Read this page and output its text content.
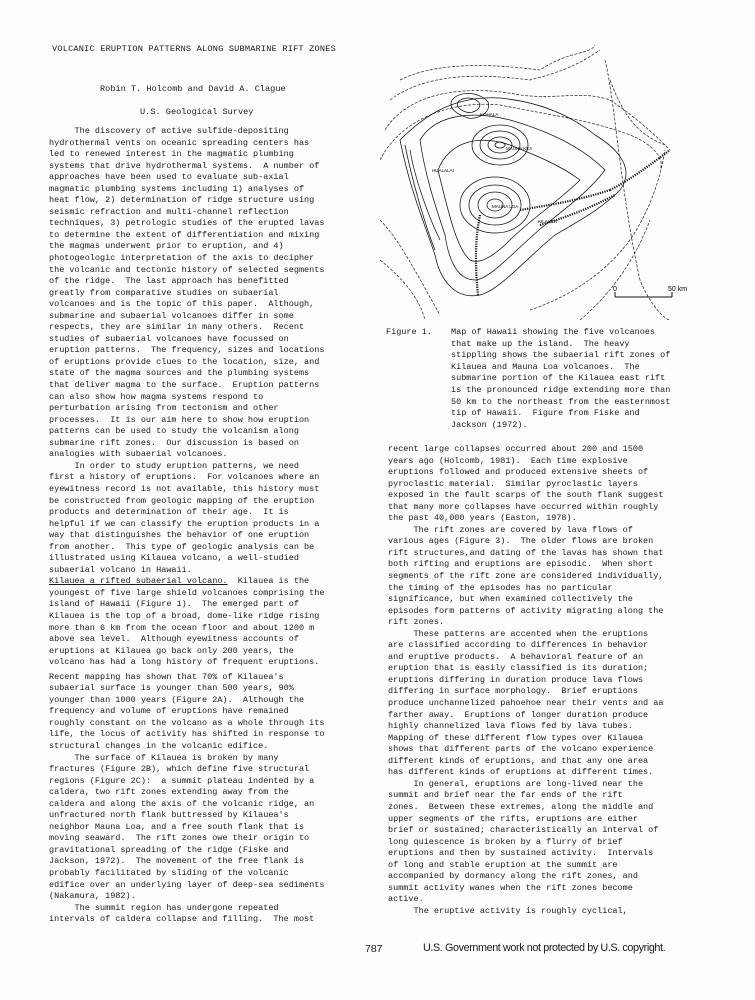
VOLCANIC ERUPTION PATTERNS ALONG SUBMARINE RIFT ZONES
Robin T. Holcomb and David A. Clague
U.S. Geological Survey
The discovery of active sulfide-depositing
hydrothermal vents on oceanic spreading centers has
led to renewed interest in the magmatic plumbing
systems that drive hydrothermal systems.  A number of
approaches have been used to evaluate sub-axial
magmatic plumbing systems including 1) analyses of
heat flow, 2) determination of ridge structure using
seismic refraction and multi-channel reflection
techniques, 3) petrologic studies of the erupted lavas
to determine the extent of differentiation and mixing
the magmas underwent prior to eruption, and 4)
photogeologic interpretation of the axis to decipher
the volcanic and tectonic history of selected segments
of the ridge.  The last approach has benefitted
greatly from comparative studies on subaerial
volcanoes and is the topic of this paper.  Although,
submarine and subaerial volcanoes differ in some
respects, they are similar in many others.  Recent
studies of subaerial volcanoes have focussed on
eruption patterns.  The frequency, sizes and locations
of eruptions provide clues to the location, size, and
state of the magma sources and the plumbing systems
that deliver magma to the surface.  Eruption patterns
can also show how magma systems respond to
perturbation arising from tectonism and other
processes.  It is our aim here to show how eruption
patterns can be used to study the volcanism along
submarine rift zones.  Our discussion is based on
analogies with subaerial volcanoes.
In order to study eruption patterns, we need
first a history of eruptions.  For volcanoes where an
eyewitness record is not available, this history must
be constructed from geologic mapping of the eruption
products and determination of their age.  It is
helpful if we can classify the eruption products in a
way that distinguishes the behavior of one eruption
from another.  This type of geologic analysis can be
illustrated using Kilauea volcano, a well-studied
subaerial volcano in Hawaii.
Kilauea a rifted subaerial volcano.  Kilauea is the
youngest of five large shield volcanoes comprising the
island of Hawaii (Figure 1).  The emerged part of
Kilauea is the top of a broad, dome-like ridge rising
more than 6 km from the ocean floor and about 1200 m
above sea level.  Although eyewitness accounts of
eruptions at Kilauea go back only 200 years, the
volcano has had a long history of frequent eruptions.
Recent mapping has shown that 70% of Kilauea's
subaerial surface is younger than 500 years, 90%
younger than 1000 years (Figure 2A).  Although the
frequency and volume of eruptions have remained
roughly constant on the volcano as a whole through its
life, the locus of activity has shifted in response to
structural changes in the volcanic edifice.
The surface of Kilauea is broken by many
fractures (Figure 2B), which define five structural
regions (Figure 2C):  a summit plateau indented by a
caldera, two rift zones extending away from the
caldera and along the axis of the volcanic ridge, an
unfractured north flank buttressed by Kilauea's
neighbor Mauna Loa, and a free south flank that is
moving seaward.  The rift zones owe their origin to
gravitational spreading of the ridge (Fiske and
Jackson, 1972).  The movement of the free flank is
probably facilitated by sliding of the volcanic
edifice over an underlying layer of deep-sea sediments
(Nakamura, 1982).
The summit region has undergone repeated
intervals of caldera collapse and filling.  The most
KOHALA
MAUNA KEA
HUALALAI
MAUNA LOA
KILAUEA
0	50 km
Figure 1. Map of Hawaii showing the five volcanoes
that make up the island.  The heavy
stippling shows the subaerial rift zones of
Kilauea and Mauna Loa volcanoes.  The
submarine portion of the Kilauea east rift
is the pronounced ridge extending more than
50 km to the northeast from the easternmost
tip of Hawaii.  Figure from Fiske and
Jackson (1972).
recent large collapses occurred about 200 and 1500
years ago (Holcomb, 1981).  Each time explosive
eruptions followed and produced extensive sheets of
pyroclastic material.  Similar pyroclastic layers
exposed in the fault scarps of the south flank suggest
that many more collapses have occurred within roughly
the past 40,000 years (Easton, 1978).
The rift zones are covered by lava flows of
various ages (Figure 3).  The older flows are broken
rift structures,and dating of the lavas has shown that
both rifting and eruptions are episodic.  When short
segments of the rift zone are considered individually,
the timing of the episodes has no particular
significance, but when examined collectively the
episodes form patterns of activity migrating along the
rift zones.
These patterns are accented when the eruptions
are classified according to differences in behavior
and eruptive products.  A behavioral feature of an
eruption that is easily classified is its duration;
eruptions differing in duration produce lava flows
differing in surface morphology.  Brief eruptions
produce unchannelized pahoehoe near their vents and aa
farther away.  Eruptions of longer duration produce
highly channelized lava flows fed by lava tubes.
Mapping of these different flow types over Kilauea
shows that different parts of the volcano experience
different kinds of eruptions, and that any one area
has different kinds of eruptions at different times.
In general, eruptions are long-lived near the
summit and brief near the far ends of the rift
zones.  Between these extremes, along the middle and
upper segments of the rifts, eruptions are either
brief or sustained; characteristically an interval of
long quiescence is broken by a flurry of brief
eruptions and then by sustained activity.  Intervals
of long and stable eruption at the summit are
accompanied by dormancy along the rift zones, and
summit activity wanes when the rift zones become
active.
The eruptive activity is roughly cyclical,
787	U.S. Government work not protected by U.S. copyright.
